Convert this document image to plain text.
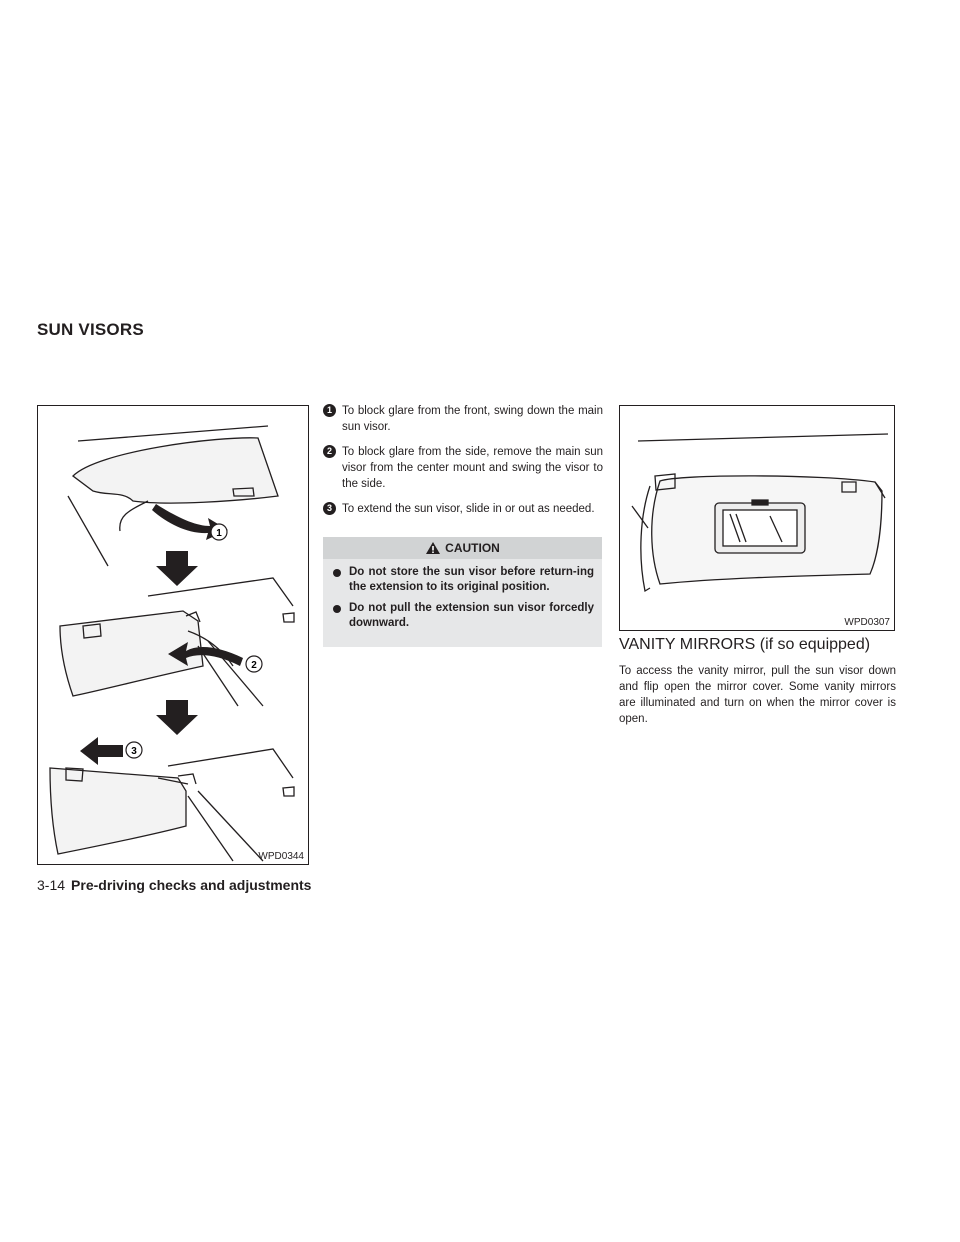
SUN VISORS
1
2
3
WPD0344
1 To block glare from the front, swing down the main sun visor.
2 To block glare from the side, remove the main sun visor from the center mount and swing the visor to the side.
3 To extend the sun visor, slide in or out as needed.
CAUTION
Do not store the sun visor before return-ing the extension to its original position.
Do not pull the extension sun visor forcedly downward.	WPD0307
VANITY MIRRORS (if so equipped)
To access the vanity mirror, pull the sun visor down and flip open the mirror cover. Some vanity mirrors are illuminated and turn on when the mirror cover is open.
3-14 Pre-driving checks and adjustments
